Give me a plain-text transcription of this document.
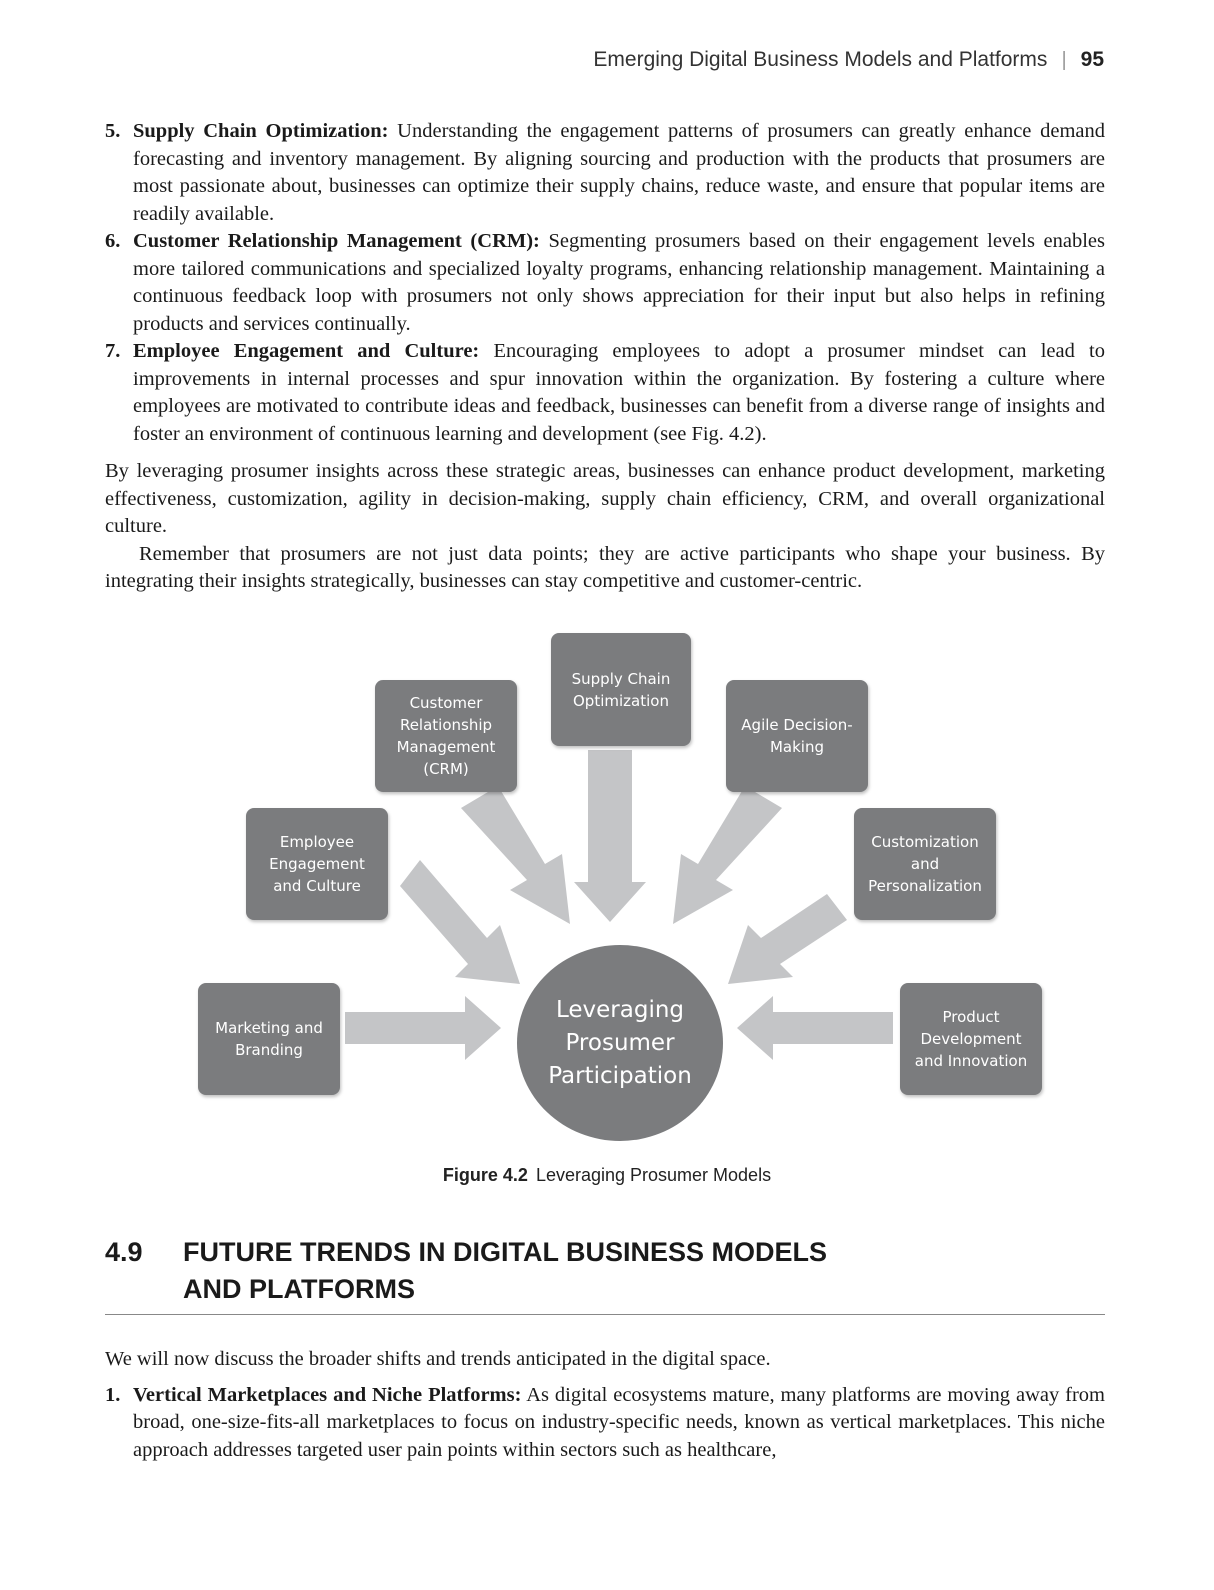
Emerging Digital Business Models and Platforms | 95
5. Supply Chain Optimization: Understanding the engagement patterns of prosumers can greatly enhance demand forecasting and inventory management. By aligning sourcing and production with the products that prosumers are most passionate about, businesses can optimize their supply chains, reduce waste, and ensure that popular items are readily available.
6. Customer Relationship Management (CRM): Segmenting prosumers based on their engagement levels enables more tailored communications and specialized loyalty programs, enhancing relationship management. Maintaining a continuous feedback loop with prosumers not only shows appreciation for their input but also helps in refining products and services continually.
7. Employee Engagement and Culture: Encouraging employees to adopt a prosumer mindset can lead to improvements in internal processes and spur innovation within the organization. By fostering a culture where employees are motivated to contribute ideas and feedback, businesses can benefit from a diverse range of insights and foster an environment of continuous learning and development (see Fig. 4.2).

By leveraging prosumer insights across these strategic areas, businesses can enhance product development, marketing effectiveness, customization, agility in decision-making, supply chain efficiency, CRM, and overall organizational culture.

Remember that prosumers are not just data points; they are active participants who shape your business. By integrating their insights strategically, businesses can stay competitive and customer-centric.

Supply Chain
Optimization
Customer
Relationship
Management
(CRM)
Agile Decision-
Making
Employee
Engagement
and Culture
Customization
and
Personalization
Marketing and
Branding
Product
Development
and Innovation
Leveraging
Prosumer
Participation
Figure 4.2 Leveraging Prosumer Models
4.9	FUTURE TRENDS IN DIGITAL BUSINESS MODELS
AND PLATFORMS

We will now discuss the broader shifts and trends anticipated in the digital space.

1. Vertical Marketplaces and Niche Platforms: As digital ecosystems mature, many platforms are moving away from broad, one-size-fits-all marketplaces to focus on industry-specific needs, known as vertical marketplaces. This niche approach addresses targeted user pain points within sectors such as healthcare,
